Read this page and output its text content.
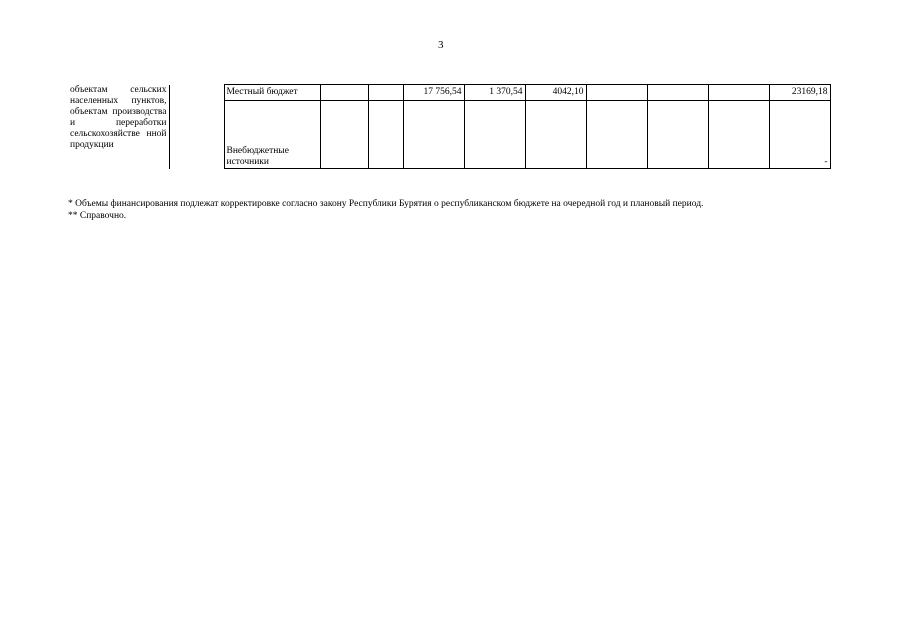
3
объектам сельских населенных пунктов, объектам производства и переработки сельскохозяйстве нной продукции		Местный бюджет			17 756,54	1 370,54	4042,10				23169,18
		Внебюджетные источники									-
* Объемы финансирования подлежат корректировке согласно закону Республики Бурятия о республиканском бюджете на очередной год и плановый период.
** Справочно.
